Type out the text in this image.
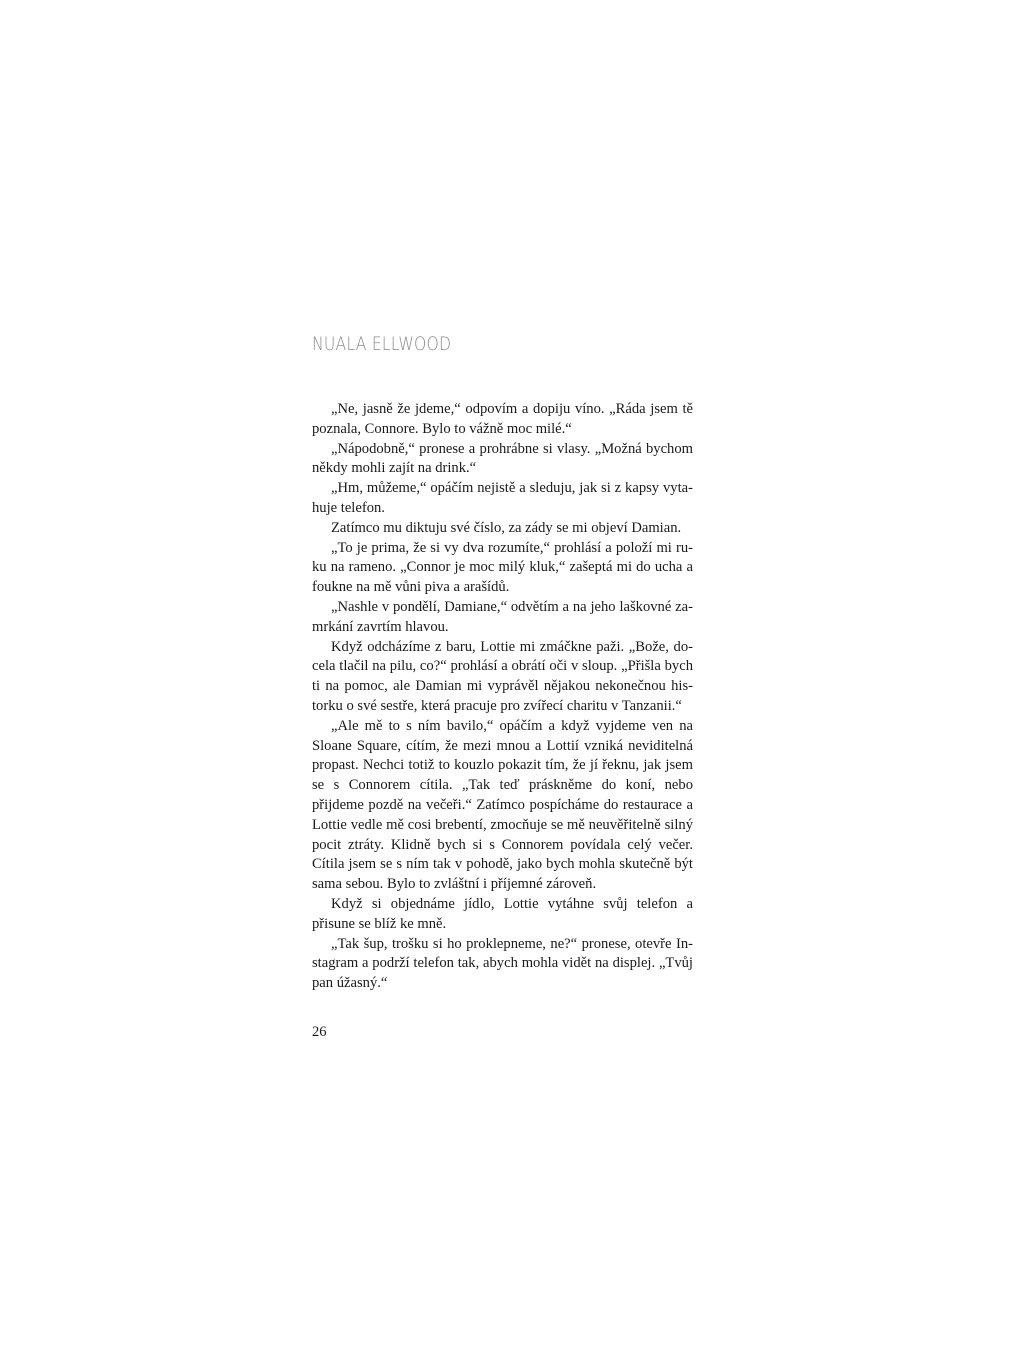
NUALA ELLWOOD

„Ne, jasně že jdeme,“ odpovím a dopiju víno. „Ráda jsem tě poznala, Connore. Bylo to vážně moc milé.“

„Nápodobně,“ pronese a prohrábne si vlasy. „Možná bychom někdy mohli zajít na drink.“

„Hm, můžeme,“ opáčím nejistě a sleduju, jak si z kapsy vytahuje telefon.

Zatímco mu diktuju své číslo, za zády se mi objeví Damian.

„To je prima, že si vy dva rozumíte,“ prohlásí a položí mi ruku na rameno. „Connor je moc milý kluk,“ zašeptá mi do ucha a foukne na mě vůni piva a arašídů.

„Nashle v pondělí, Damiane,“ odvětím a na jeho laškovné zamrkání zavrtím hlavou.

Když odcházíme z baru, Lottie mi zmáčkne paži. „Bože, docela tlačil na pilu, co?“ prohlásí a obrátí oči v sloup. „Přišla bych ti na pomoc, ale Damian mi vyprávěl nějakou nekonečnou historku o své sestře, která pracuje pro zvířecí charitu v Tanzanii.“

„Ale mě to s ním bavilo,“ opáčím a když vyjdeme ven na Sloane Square, cítím, že mezi mnou a Lottií vzniká neviditelná propast. Nechci totiž to kouzlo pokazit tím, že jí řeknu, jak jsem se s Connorem cítila. „Tak teď práskněme do koní, nebo přijdeme pozdě na večeři.“ Zatímco pospícháme do restaurace a Lottie vedle mě cosi brebentí, zmocňuje se mě neuvěřitelně silný pocit ztráty. Klidně bych si s Connorem povídala celý večer. Cítila jsem se s ním tak v pohodě, jako bych mohla skutečně být sama sebou. Bylo to zvláštní i příjemné zároveň.

Když si objednáme jídlo, Lottie vytáhne svůj telefon a přisune se blíž ke mně.

„Tak šup, trošku si ho proklepneme, ne?“ pronese, otevře Instagram a podrží telefon tak, abych mohla vidět na displej. „Tvůj pan úžasný.“

26
